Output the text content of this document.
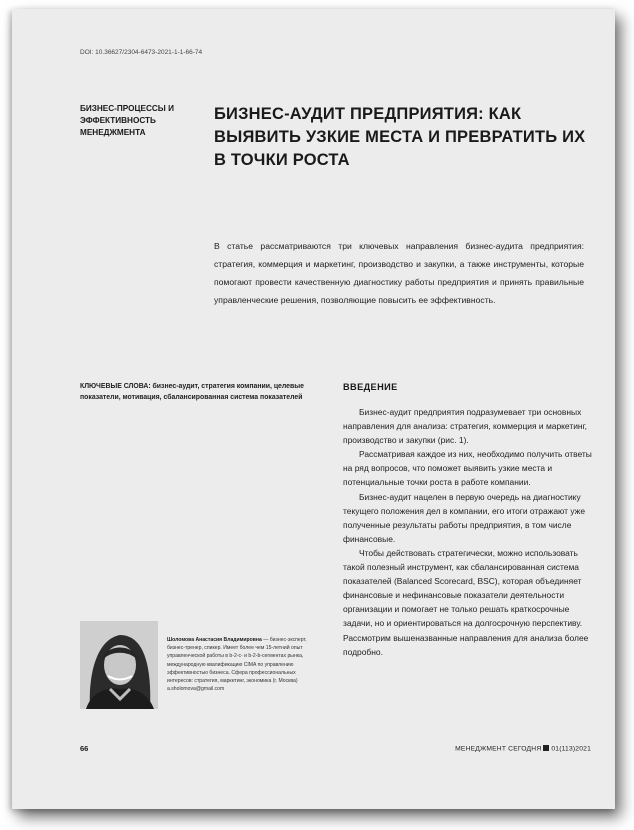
DOI: 10.36627/2304-6473-2021-1-1-66-74
БИЗНЕС-ПРОЦЕССЫ И ЭФФЕКТИВНОСТЬ МЕНЕДЖМЕНТА
БИЗНЕС-АУДИТ ПРЕДПРИЯТИЯ: КАК ВЫЯВИТЬ УЗКИЕ МЕСТА И ПРЕВРАТИТЬ ИХ В ТОЧКИ РОСТА
В статье рассматриваются три ключевых направления бизнес-аудита предприятия: стратегия, коммерция и маркетинг, производство и закупки, а также инструменты, которые помогают провести качественную диагностику работы предприятия и принять правильные управленческие решения, позволяющие повысить ее эффективность.
КЛЮЧЕВЫЕ СЛОВА: бизнес-аудит, стратегия компании, целевые показатели, мотивация, сбалансированная система показателей
ВВЕДЕНИЕ

Бизнес-аудит предприятия подразумевает три основных направления для анализа: стратегия, коммерция и маркетинг, производство и закупки (рис. 1).

Рассматривая каждое из них, необходимо получить ответы на ряд вопросов, что поможет выявить узкие места и потенциальные точки роста в работе компании.

Бизнес-аудит нацелен в первую очередь на диагностику текущего положения дел в компании, его итоги отражают уже полученные результаты работы предприятия, в том числе финансовые.

Чтобы действовать стратегически, можно использовать такой полезный инструмент, как сбалансированная система показателей (Balanced Scorecard, BSC), которая объединяет финансовые и нефинансовые показатели деятельности организации и помогает не только решать краткосрочные задачи, но и ориентироваться на долгосрочную перспективу. Рассмотрим вышеназванные направления для анализа более подробно.

Шоломова Анастасия Владимировна — бизнес-эксперт, бизнес-тренер, спикер. Имеет более чем 15-летний опыт управленческой работы в b-2-c- и b-2-b-сегментах рынка, международную квалификацию CIMA по управлению эффективностью бизнеса. Сфера профессиональных интересов: стратегия, маркетинг, экономика (г. Москва)
a.sholomova@gmail.com
66	МЕНЕДЖМЕНТ СЕГОДНЯ 01(113)2021
